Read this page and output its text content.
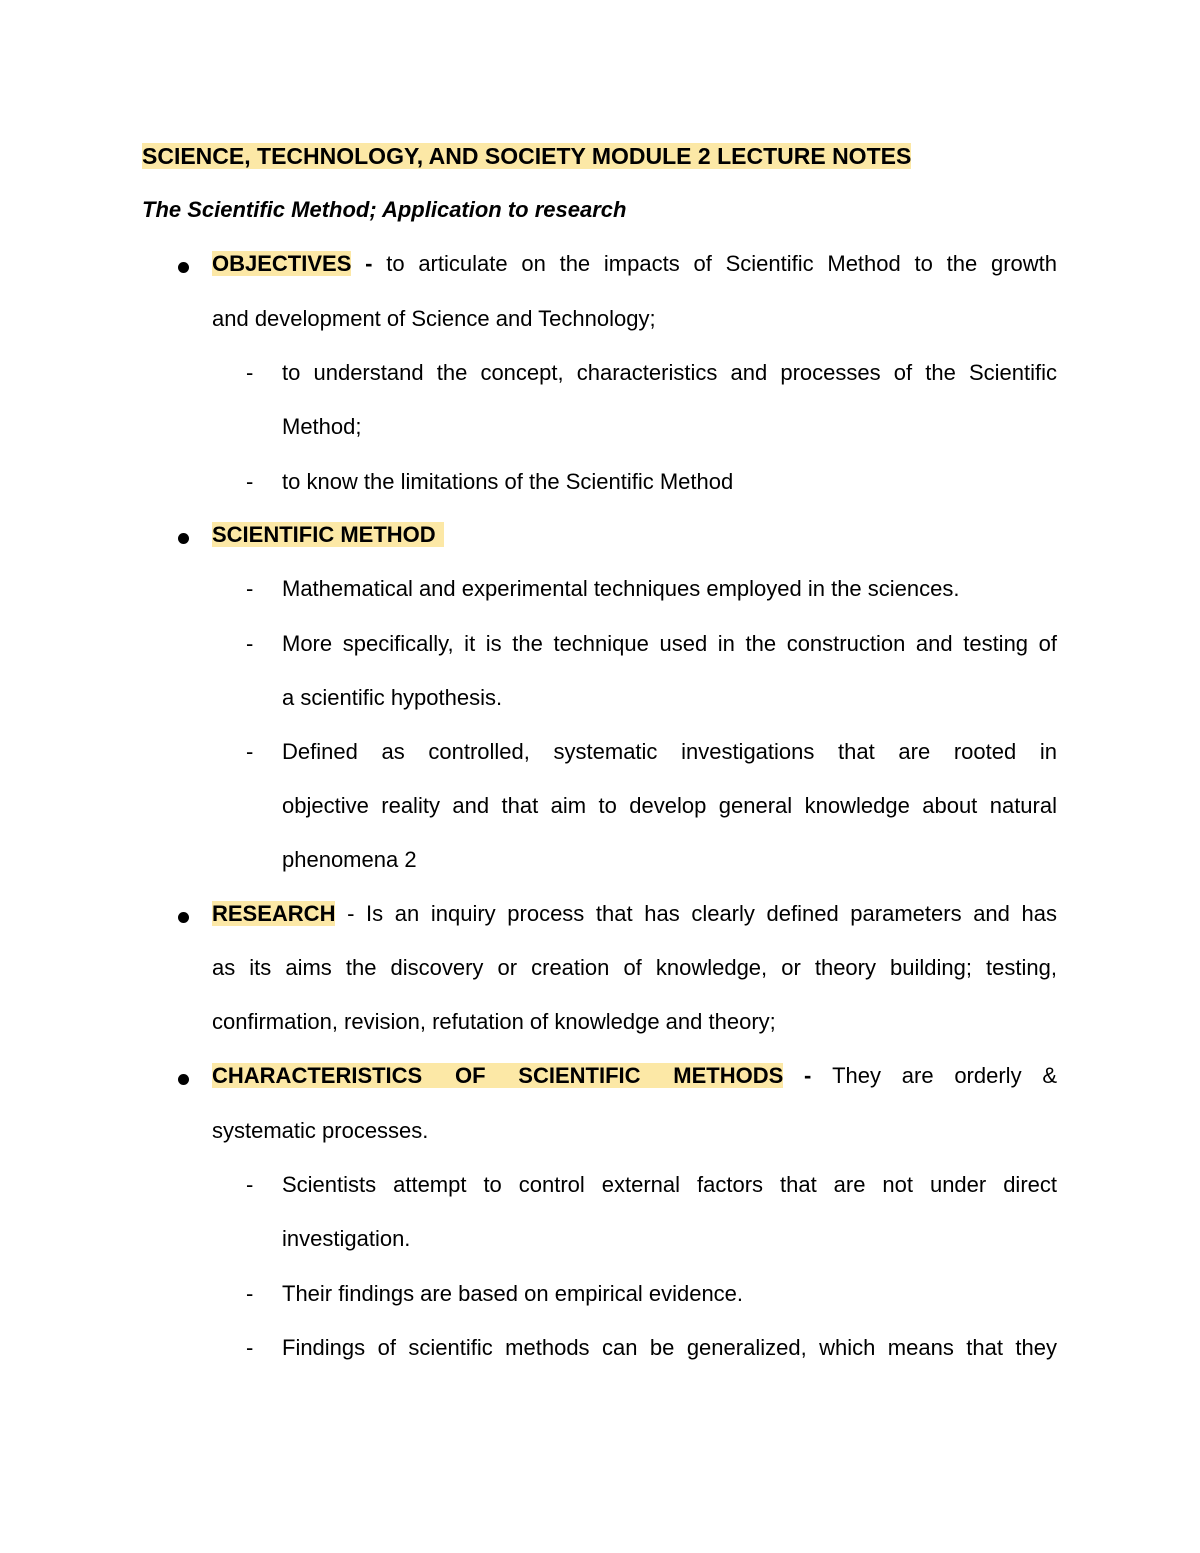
SCIENCE, TECHNOLOGY, AND SOCIETY MODULE 2 LECTURE NOTES
The Scientific Method; Application to research
OBJECTIVES - to articulate on the impacts of Scientific Method to the growth
and development of Science and Technology;
- to understand the concept, characteristics and processes of the Scientific
Method;
- to know the limitations of the Scientific Method
SCIENTIFIC METHOD
- Mathematical and experimental techniques employed in the sciences.
- More specifically, it is the technique used in the construction and testing of
a scientific hypothesis.
- Defined as controlled, systematic investigations that are rooted in
objective reality and that aim to develop general knowledge about natural
phenomena 2
RESEARCH - Is an inquiry process that has clearly defined parameters and has
as its aims the discovery or creation of knowledge, or theory building; testing,
confirmation, revision, refutation of knowledge and theory;
CHARACTERISTICS OF SCIENTIFIC METHODS - They are orderly &
systematic processes.
- Scientists attempt to control external factors that are not under direct
investigation.
- Their findings are based on empirical evidence.
- Findings of scientific methods can be generalized, which means that they
